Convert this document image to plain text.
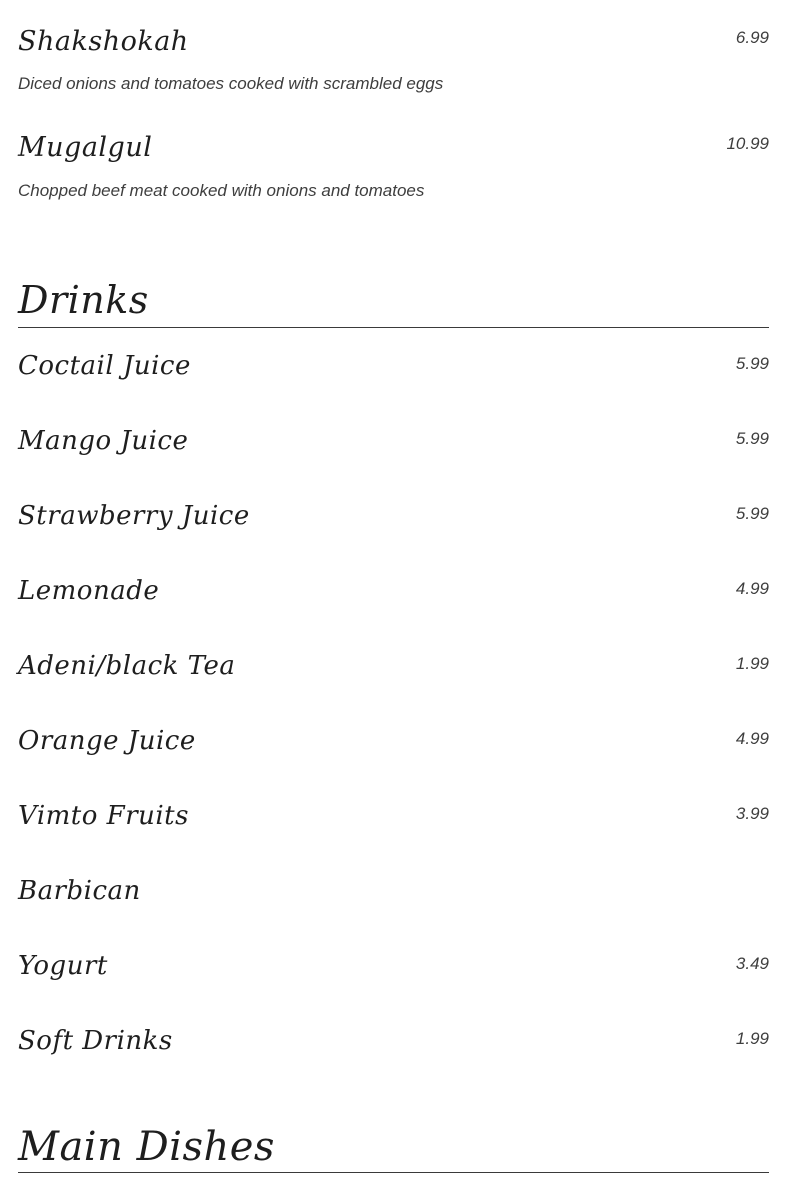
Shakshokah	6.99
Diced onions and tomatoes cooked with scrambled eggs
Mugalgul	10.99
Chopped beef meat cooked with onions and tomatoes
Drinks
Coctail Juice	5.99
Mango Juice	5.99
Strawberry Juice	5.99
Lemonade	4.99
Adeni/black Tea	1.99
Orange Juice	4.99
Vimto Fruits	3.99
Barbican
Yogurt	3.49
Soft Drinks	1.99
Main Dishes
